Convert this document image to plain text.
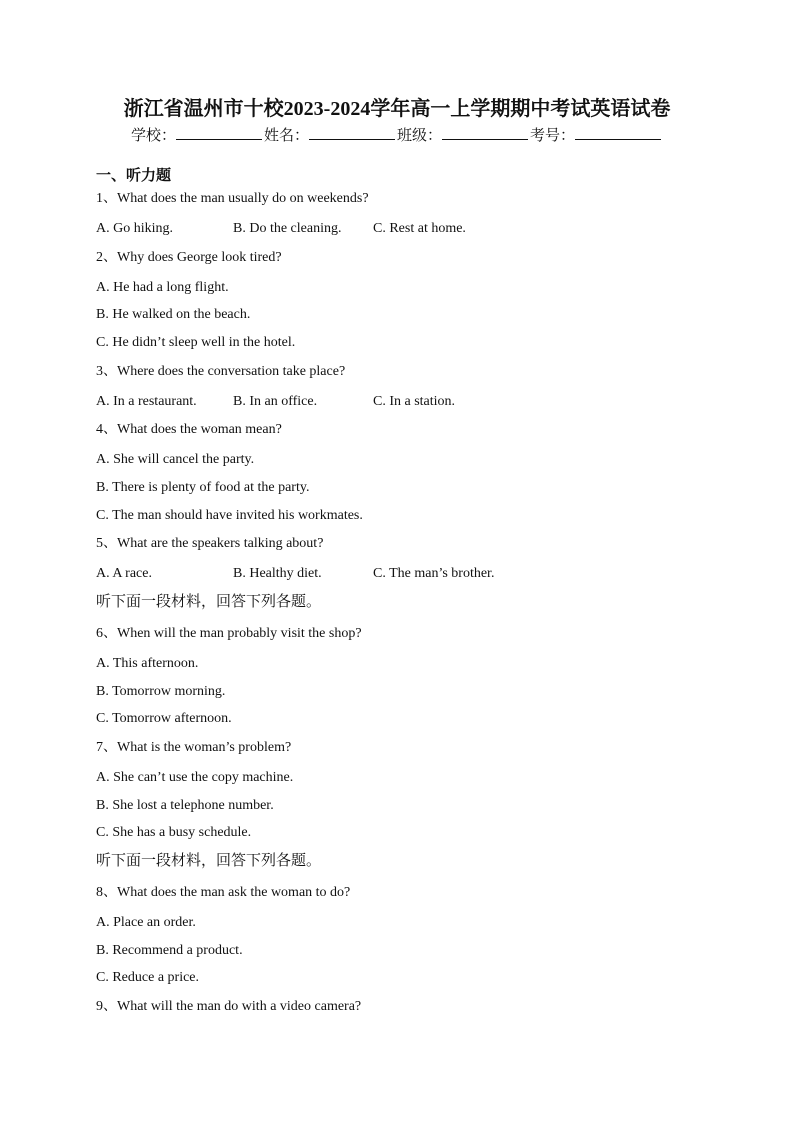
浙江省温州市十校2023-2024学年高一上学期期中考试英语试卷
学校：	姓名：	班级：	考号：
一、听力题
1、What does the man usually do on weekends?
A. Go hiking.	B. Do the cleaning. C. Rest at home.
2、Why does George look tired?
A. He had a long flight.
B. He walked on the beach.
C. He didn’t sleep well in the hotel.
3、Where does the conversation take place?
A. In a restaurant.	B. In an office.	C. In a station.
4、What does the woman mean?
A. She will cancel the party.
B. There is plenty of food at the party.
C. The man should have invited his workmates.
5、What are the speakers talking about?
A. A race.	B. Healthy diet.	C. The man’s brother.
听下面一段材料，回答下列各题。
6、When will the man probably visit the shop?
A. This afternoon.
B. Tomorrow morning.
C. Tomorrow afternoon.
7、What is the woman’s problem?
A. She can’t use the copy machine.
B. She lost a telephone number.
C. She has a busy schedule.
听下面一段材料，回答下列各题。
8、What does the man ask the woman to do?
A. Place an order.
B. Recommend a product.
C. Reduce a price.
9、What will the man do with a video camera?
